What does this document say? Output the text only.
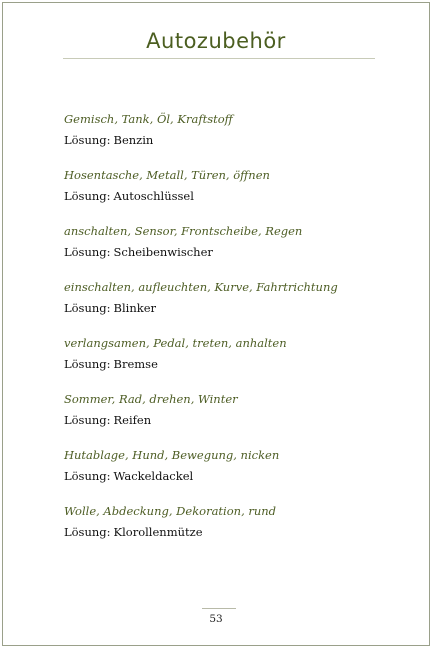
Autozubehör
Gemisch, Tank, Öl, Kraftstoff
Lösung: Benzin
Hosentasche, Metall, Türen, öffnen
Lösung: Autoschlüssel
anschalten, Sensor, Frontscheibe, Regen
Lösung: Scheibenwischer
einschalten, aufleuchten, Kurve, Fahrtrichtung
Lösung: Blinker
verlangsamen, Pedal, treten, anhalten
Lösung: Bremse
Sommer, Rad, drehen, Winter
Lösung: Reifen
Hutablage, Hund, Bewegung, nicken
Lösung: Wackeldackel
Wolle, Abdeckung, Dekoration, rund
Lösung: Klorollenmütze
53
